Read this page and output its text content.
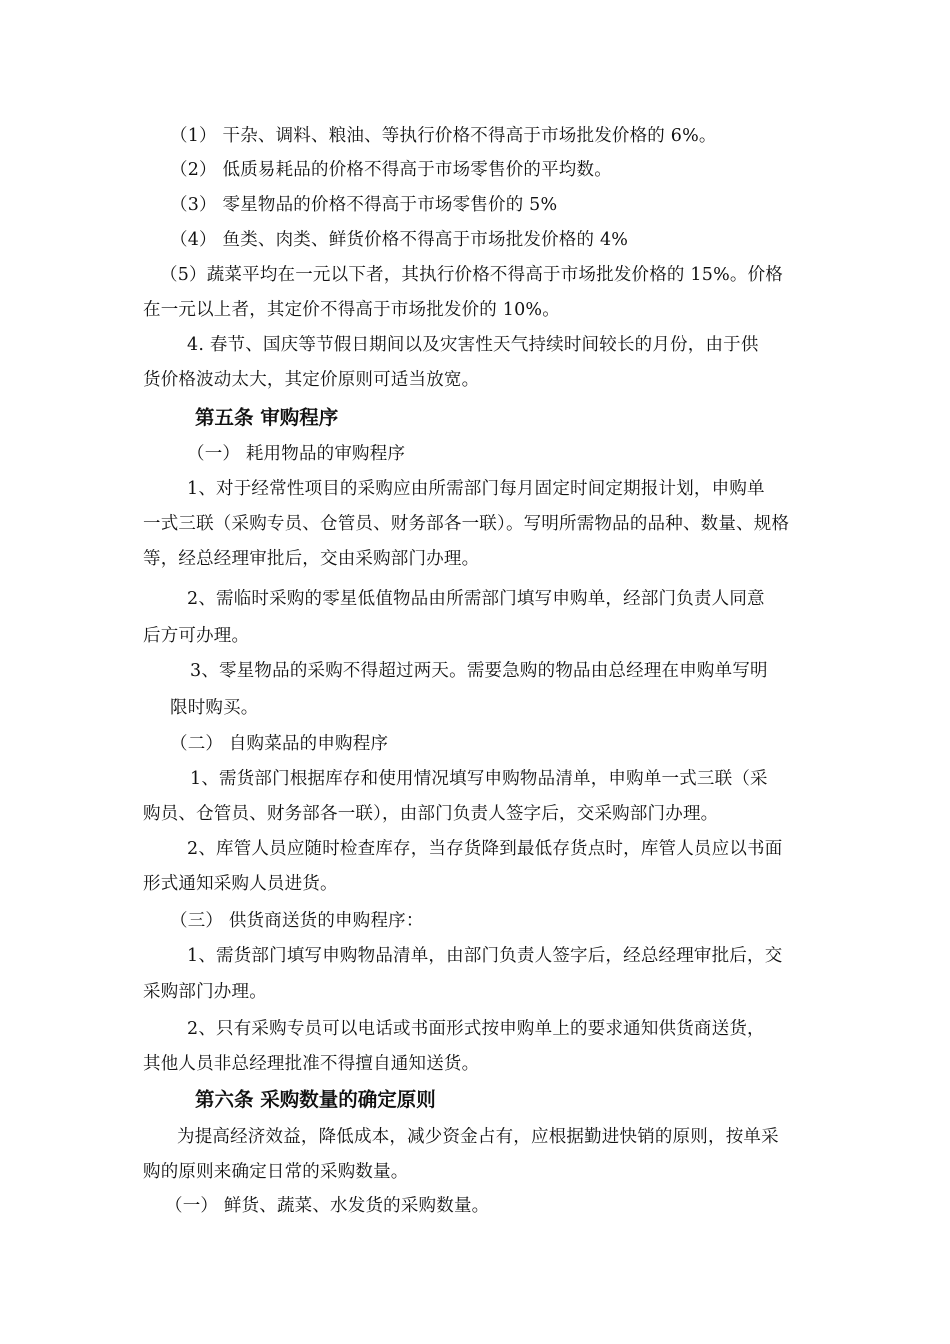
（1） 干杂、调料、粮油、等执行价格不得高于市场批发价格的 6%。
（2） 低质易耗品的价格不得高于市场零售价的平均数。
（3） 零星物品的价格不得高于市场零售价的 5%
（4） 鱼类、肉类、鲜货价格不得高于市场批发价格的 4%
（5）蔬菜平均在一元以下者，其执行价格不得高于市场批发价格的 15%。价格
在一元以上者，其定价不得高于市场批发价的 10%。
4. 春节、国庆等节假日期间以及灾害性天气持续时间较长的月份，由于供
货价格波动太大，其定价原则可适当放宽。
第五条 审购程序
（一） 耗用物品的审购程序
1、对于经常性项目的采购应由所需部门每月固定时间定期报计划，申购单
一式三联（采购专员、仓管员、财务部各一联）。写明所需物品的品种、数量、规格
等，经总经理审批后，交由采购部门办理。
2、需临时采购的零星低值物品由所需部门填写申购单，经部门负责人同意
后方可办理。
3、零星物品的采购不得超过两天。需要急购的物品由总经理在申购单写明
限时购买。
（二） 自购菜品的申购程序
1、需货部门根据库存和使用情况填写申购物品清单，申购单一式三联（采
购员、仓管员、财务部各一联），由部门负责人签字后，交采购部门办理。
2、库管人员应随时检查库存，当存货降到最低存货点时，库管人员应以书面
形式通知采购人员进货。
（三） 供货商送货的申购程序：
1、需货部门填写申购物品清单，由部门负责人签字后，经总经理审批后，交
采购部门办理。
2、只有采购专员可以电话或书面形式按申购单上的要求通知供货商送货，
其他人员非总经理批准不得擅自通知送货。
第六条 采购数量的确定原则
为提高经济效益，降低成本，减少资金占有，应根据勤进快销的原则，按单采
购的原则来确定日常的采购数量。
（一） 鲜货、蔬菜、水发货的采购数量。
